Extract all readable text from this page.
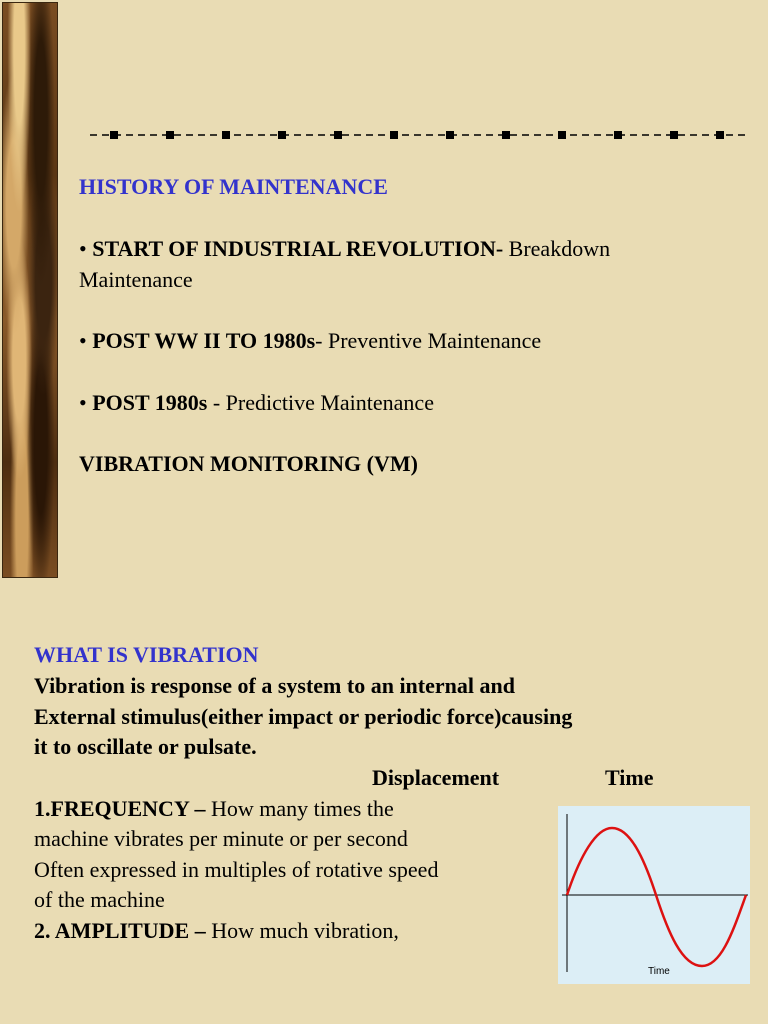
HISTORY OF MAINTENANCE
• START OF INDUSTRIAL REVOLUTION- Breakdown
Maintenance
• POST WW II TO 1980s- Preventive Maintenance
• POST 1980s - Predictive Maintenance
VIBRATION MONITORING (VM)
WHAT IS VIBRATION
Vibration is response of a system to an internal and
External stimulus(either impact or periodic force)causing
it to oscillate or pulsate.
Displacement	Time
1.FREQUENCY – How many times the
machine vibrates per minute or per second
Often expressed in multiples of rotative speed
of the machine
2. AMPLITUDE – How much vibration,
Time
